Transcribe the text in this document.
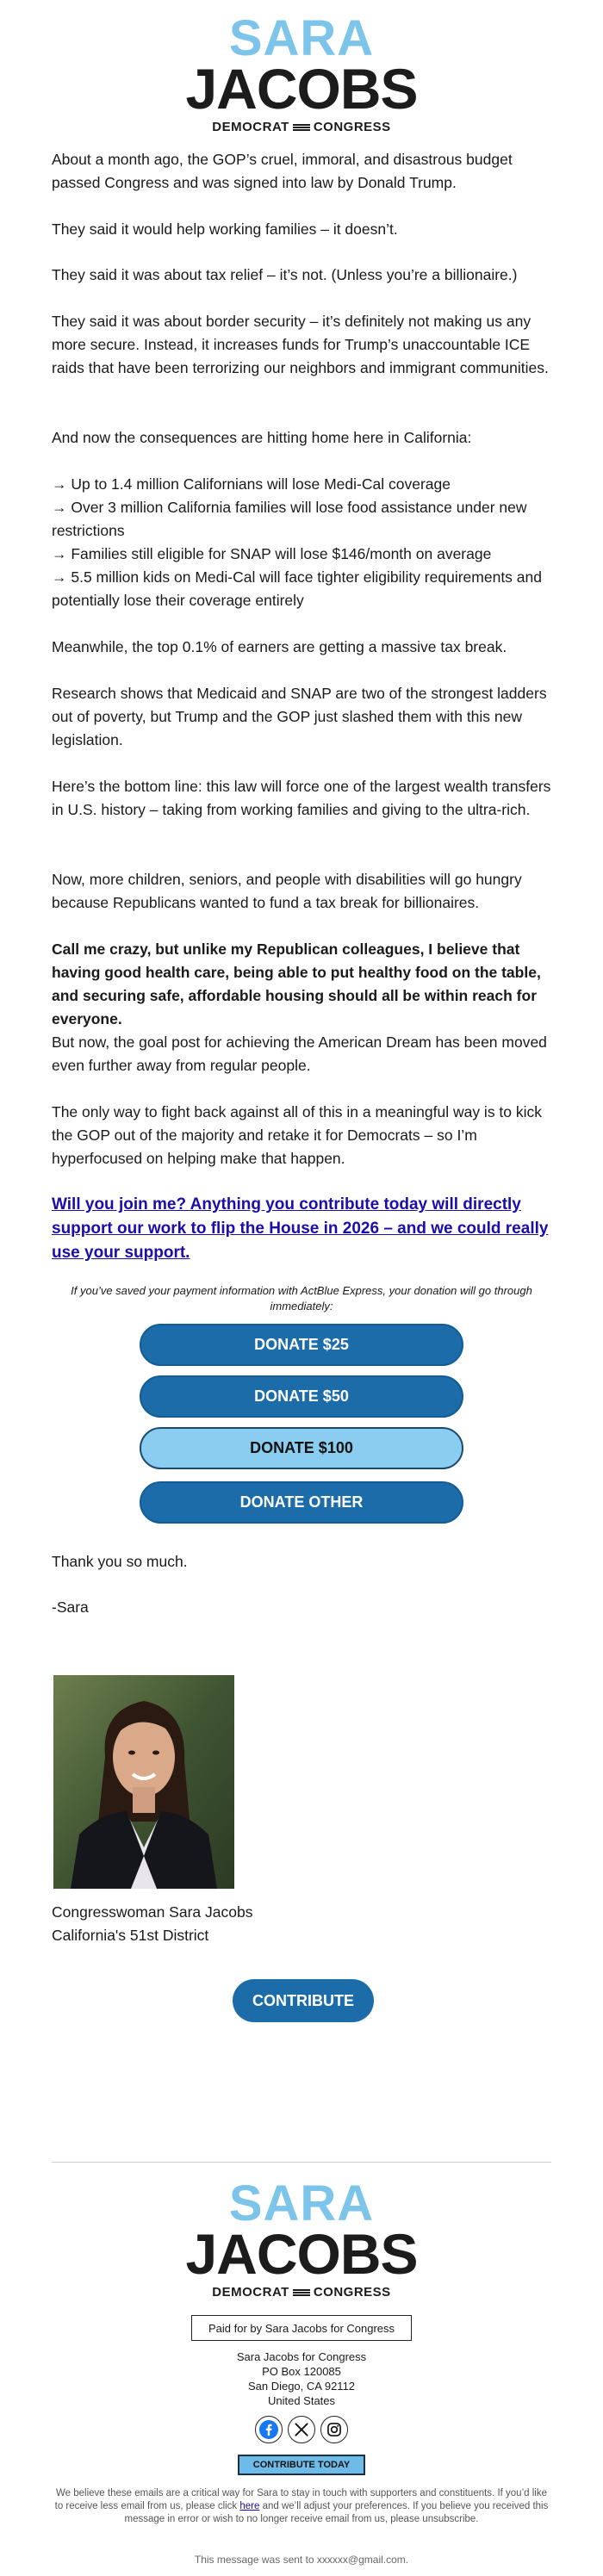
SARA
JACOBS
DEMOCRAT CONGRESS
About a month ago, the GOP’s cruel, immoral, and disastrous budget passed Congress and was signed into law by Donald Trump.
They said it would help working families – it doesn’t.
They said it was about tax relief – it’s not. (Unless you’re a billionaire.)
They said it was about border security – it’s definitely not making us any more secure. Instead, it increases funds for Trump’s unaccountable ICE raids that have been terrorizing our neighbors and immigrant communities.
And now the consequences are hitting home here in California:
→ Up to 1.4 million Californians will lose Medi-Cal coverage
→ Over 3 million California families will lose food assistance under new restrictions
→ Families still eligible for SNAP will lose $146/month on average
→ 5.5 million kids on Medi-Cal will face tighter eligibility requirements and potentially lose their coverage entirely
Meanwhile, the top 0.1% of earners are getting a massive tax break.
Research shows that Medicaid and SNAP are two of the strongest ladders out of poverty, but Trump and the GOP just slashed them with this new legislation.
Here’s the bottom line: this law will force one of the largest wealth transfers in U.S. history – taking from working families and giving to the ultra-rich.
Now, more children, seniors, and people with disabilities will go hungry because Republicans wanted to fund a tax break for billionaires.
Call me crazy, but unlike my Republican colleagues, I believe that having good health care, being able to put healthy food on the table, and securing safe, affordable housing should all be within reach for everyone.
But now, the goal post for achieving the American Dream has been moved even further away from regular people.
The only way to fight back against all of this in a meaningful way is to kick the GOP out of the majority and retake it for Democrats – so I’m hyperfocused on helping make that happen.
Will you join me? Anything you contribute today will directly support our work to flip the House in 2026 – and we could really use your support.
If you’ve saved your payment information with ActBlue Express, your donation will go through immediately:
DONATE $25
DONATE $50
DONATE $100
DONATE OTHER
Thank you so much.
-Sara
Congresswoman Sara Jacobs
California's 51st District
CONTRIBUTE
SARA
JACOBS
DEMOCRAT CONGRESS
Paid for by Sara Jacobs for Congress
Sara Jacobs for Congress
PO Box 120085
San Diego, CA 92112
United States
CONTRIBUTE TODAY
We believe these emails are a critical way for Sara to stay in touch with supporters and constituents. If you’d like to receive less email from us, please click here and we’ll adjust your preferences. If you believe you received this message in error or wish to no longer receive email from us, please unsubscribe.
This message was sent to xxxxxx@gmail.com.
